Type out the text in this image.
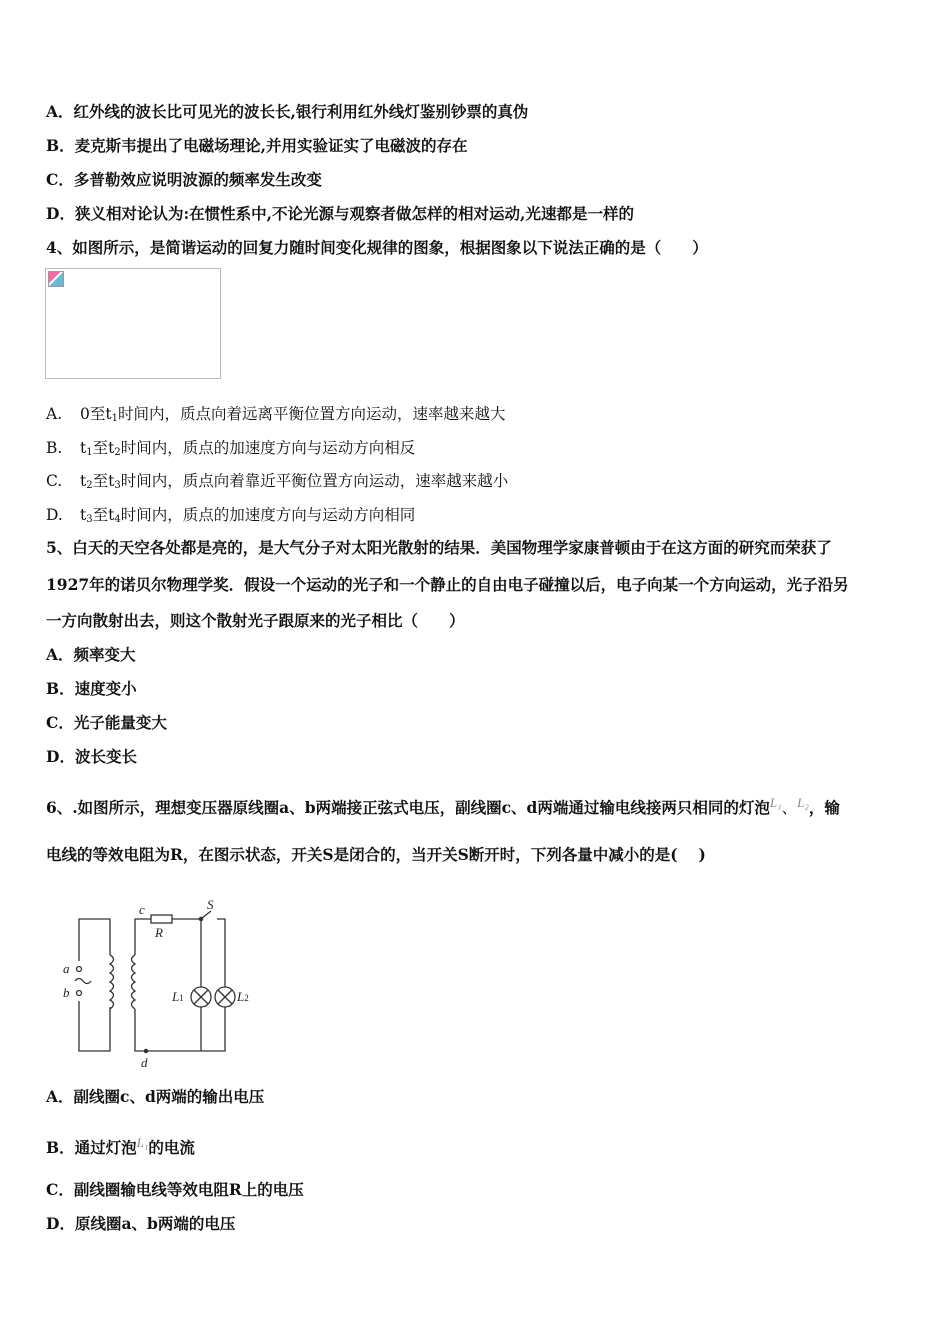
A．红外线的波长比可见光的波长长,银行利用红外线灯鉴别钞票的真伪
B．麦克斯韦提出了电磁场理论,并用实验证实了电磁波的存在
C．多普勒效应说明波源的频率发生改变
D．狭义相对论认为:在惯性系中,不论光源与观察者做怎样的相对运动,光速都是一样的
4、如图所示，是简谐运动的回复力随时间变化规律的图象，根据图象以下说法正确的是（　　）
A. 0至$t_1$时间内，质点向着远离平衡位置方向运动，速率越来越大
B. $t_1$至$t_2$时间内，质点的加速度方向与运动方向相反
C. $t_2$至$t_3$时间内，质点向着靠近平衡位置方向运动，速率越来越小
D. $t_3$至$t_4$时间内，质点的加速度方向与运动方向相同
5、白天的天空各处都是亮的，是大气分子对太阳光散射的结果．美国物理学家康普顿由于在这方面的研究而荣获了
1927年的诺贝尔物理学奖．假设一个运动的光子和一个静止的自由电子碰撞以后，电子向某一个方向运动，光子沿另
一方向散射出去，则这个散射光子跟原来的光子相比（　　）
A．频率变大
B．速度变小
C．光子能量变大
D．波长变长
6、.如图所示，理想变压器原线圈a、b两端接正弦式电压，副线圈c、d两端通过输电线接两只相同的灯泡$^{L_1}$、$^{L_2}$，输
电线的等效电阻为R，在图示状态，开关S是闭合的，当开关S断开时，下列各量中减小的是(　 )
a
b
c
d
R
S
L1	L2
A．副线圈c、d两端的输出电压
B．通过灯泡$^{L_1}$的电流
C．副线圈输电线等效电阻R上的电压
D．原线圈a、b两端的电压
